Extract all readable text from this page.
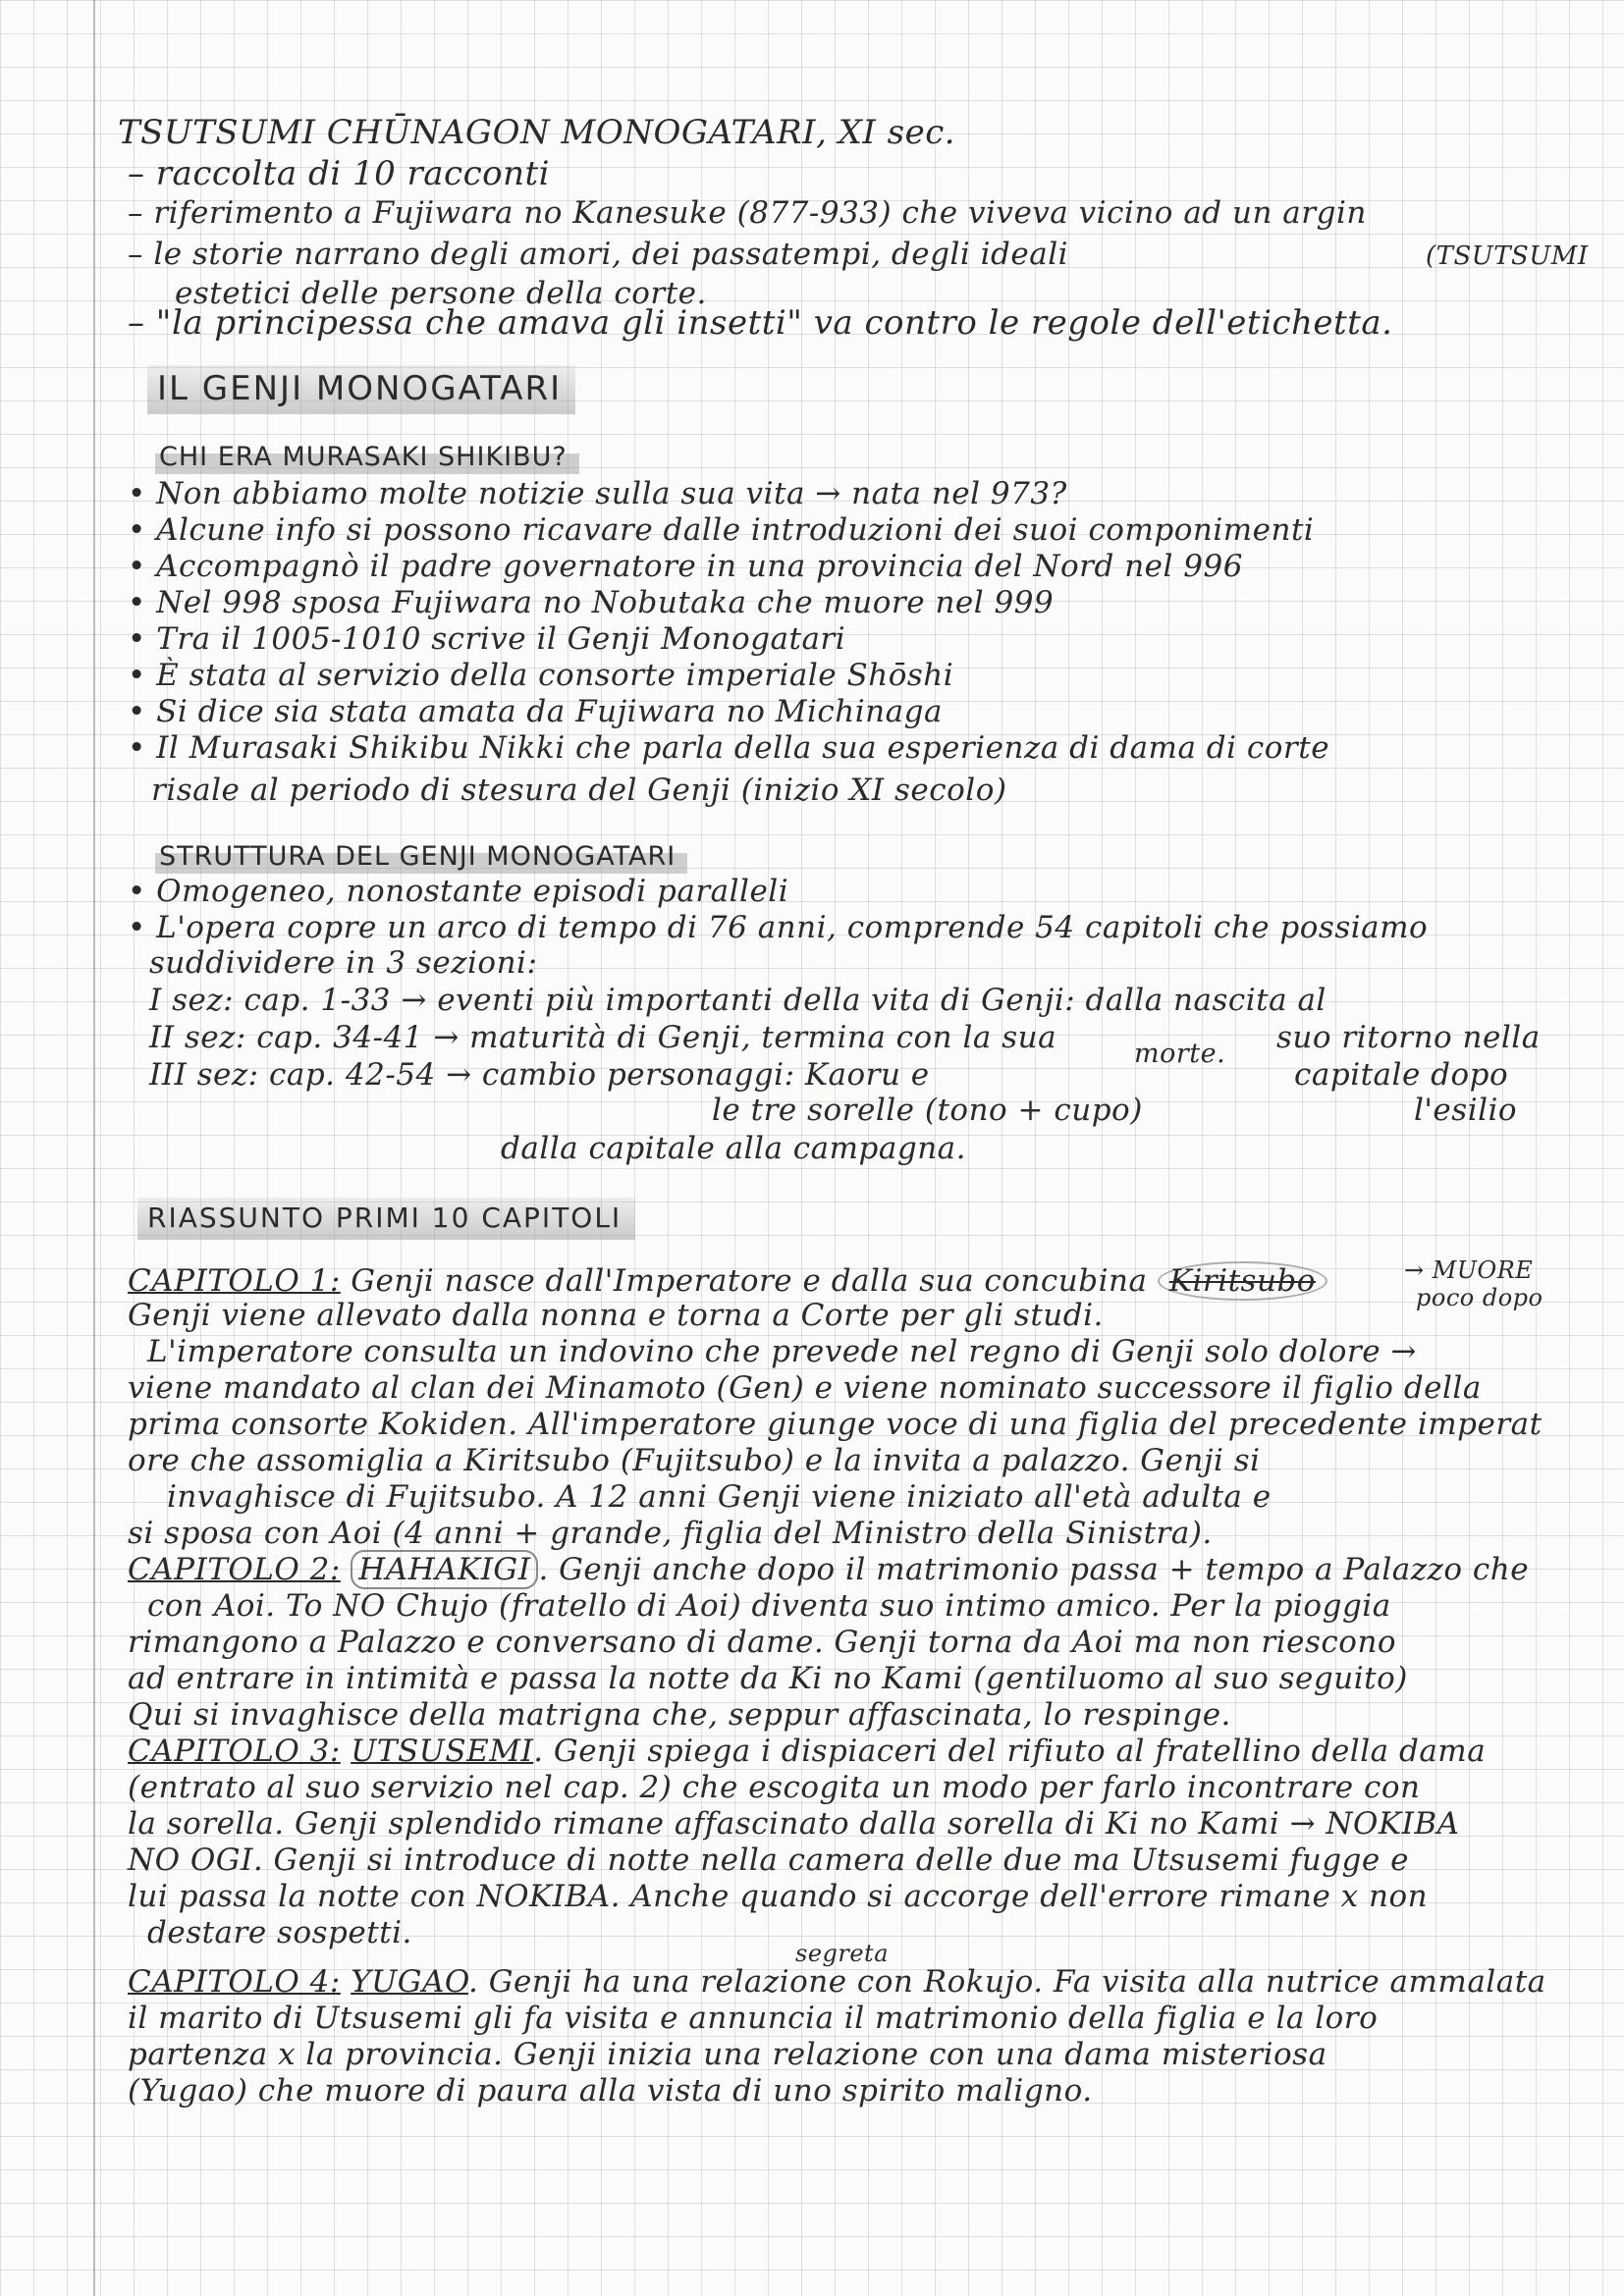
TSUTSUMI CHŪNAGON MONOGATARI, XI sec.
– raccolta di 10 racconti
– riferimento a Fujiwara no Kanesuke (877-933) che viveva vicino ad un argin
– le storie narrano degli amori, dei passatempi, degli ideali	(TSUTSUMI
estetici delle persone della corte.
– "la principessa che amava gli insetti" va contro le regole dell'etichetta.
IL GENJI MONOGATARI
CHI ERA MURASAKI SHIKIBU?
• Non abbiamo molte notizie sulla sua vita → nata nel 973?
• Alcune info si possono ricavare dalle introduzioni dei suoi componimenti
• Accompagnò il padre governatore in una provincia del Nord nel 996
• Nel 998 sposa Fujiwara no Nobutaka che muore nel 999
• Tra il 1005-1010 scrive il Genji Monogatari
• È stata al servizio della consorte imperiale Shōshi
• Si dice sia stata amata da Fujiwara no Michinaga
• Il Murasaki Shikibu Nikki che parla della sua esperienza di dama di corte
risale al periodo di stesura del Genji (inizio XI secolo)
STRUTTURA DEL GENJI MONOGATARI
• Omogeneo, nonostante episodi paralleli
• L'opera copre un arco di tempo di 76 anni, comprende 54 capitoli che possiamo
suddividere in 3 sezioni:
I sez: cap. 1-33 → eventi più importanti della vita di Genji: dalla nascita al
II sez: cap. 34-41 → maturità di Genji, termina con la sua	morte. suo ritorno nella
III sez: cap. 42-54 → cambio personaggi: Kaoru e	capitale dopo
le tre sorelle (tono + cupo)	l'esilio
dalla capitale alla campagna.
RIASSUNTO PRIMI 10 CAPITOLI
CAPITOLO 1: Genji nasce dall'Imperatore e dalla sua concubina Kiritsubo	→ MUORE
poco dopo
Genji viene allevato dalla nonna e torna a Corte per gli studi.
L'imperatore consulta un indovino che prevede nel regno di Genji solo dolore →
viene mandato al clan dei Minamoto (Gen) e viene nominato successore il figlio della
prima consorte Kokiden. All'imperatore giunge voce di una figlia del precedente imperat
ore che assomiglia a Kiritsubo (Fujitsubo) e la invita a palazzo. Genji si
invaghisce di Fujitsubo. A 12 anni Genji viene iniziato all'età adulta e
si sposa con Aoi (4 anni + grande, figlia del Ministro della Sinistra).
CAPITOLO 2: HAHAKIGI . Genji anche dopo il matrimonio passa + tempo a Palazzo che
con Aoi. To NO Chujo (fratello di Aoi) diventa suo intimo amico. Per la pioggia
rimangono a Palazzo e conversano di dame. Genji torna da Aoi ma non riescono
ad entrare in intimità e passa la notte da Ki no Kami (gentiluomo al suo seguito)
Qui si invaghisce della matrigna che, seppur affascinata, lo respinge.
CAPITOLO 3: UTSUSEMI. Genji spiega i dispiaceri del rifiuto al fratellino della dama
(entrato al suo servizio nel cap. 2) che escogita un modo per farlo incontrare con
la sorella. Genji splendido rimane affascinato dalla sorella di Ki no Kami → NOKIBA
NO OGI. Genji si introduce di notte nella camera delle due ma Utsusemi fugge e
lui passa la notte con NOKIBA. Anche quando si accorge dell'errore rimane x non
destare sospetti.
segreta
CAPITOLO 4: YUGAO. Genji ha una relazione con Rokujo. Fa visita alla nutrice ammalata
il marito di Utsusemi gli fa visita e annuncia il matrimonio della figlia e la loro
partenza x la provincia. Genji inizia una relazione con una dama misteriosa
(Yugao) che muore di paura alla vista di uno spirito maligno.
